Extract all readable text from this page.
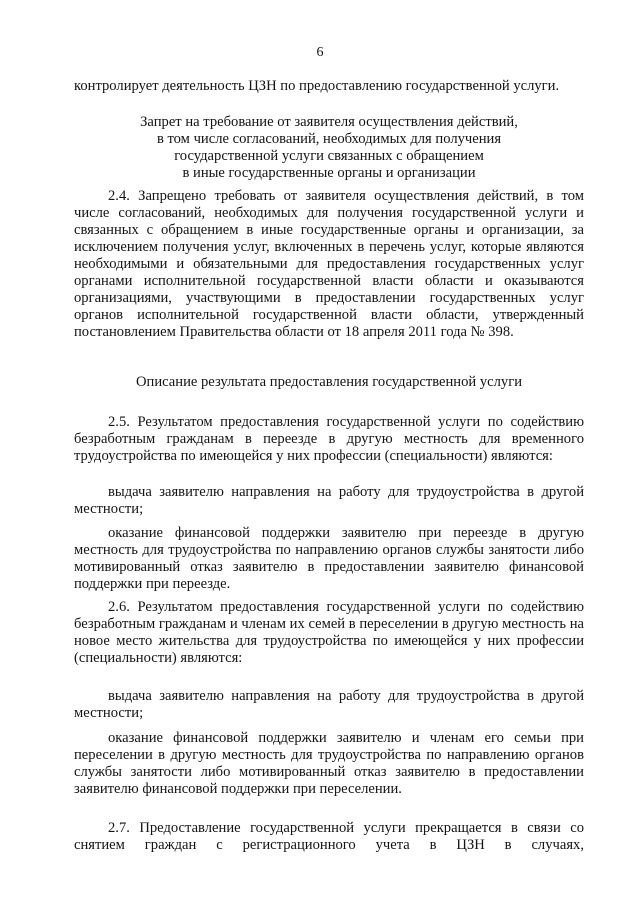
6

контролирует деятельность ЦЗН по предоставлению государственной услуги.

Запрет на требование от заявителя осуществления действий,
в том числе согласований, необходимых для получения
государственной услуги связанных с обращением
в иные государственные органы и организации

2.4. Запрещено требовать от заявителя осуществления действий, в том числе согласований, необходимых для получения государственной услуги и связанных с обращением в иные государственные органы и организации, за исключением получения услуг, включенных в перечень услуг, которые являются необходимыми и обязательными для предоставления государственных услуг органами исполнительной государственной власти области и оказываются организациями, участвующими в предоставлении государственных услуг органов исполнительной государственной власти области, утвержденный постановлением Правительства области от 18 апреля 2011 года № 398.

Описание результата предоставления государственной услуги

2.5. Результатом предоставления государственной услуги по содействию безработным гражданам в переезде в другую местность для временного трудоустройства по имеющейся у них профессии (специальности) являются:

выдача заявителю направления на работу для трудоустройства в другой местности;

оказание финансовой поддержки заявителю при переезде в другую местность для трудоустройства по направлению органов службы занятости либо мотивированный отказ заявителю в предоставлении заявителю финансовой поддержки при переезде.

2.6. Результатом предоставления государственной услуги по содействию безработным гражданам и членам их семей в переселении в другую местность на новое место жительства для трудоустройства по имеющейся у них профессии (специальности) являются:

выдача заявителю направления на работу для трудоустройства в другой местности;

оказание финансовой поддержки заявителю и членам его семьи при переселении в другую местность для трудоустройства по направлению органов службы занятости либо мотивированный отказ заявителю в предоставлении заявителю финансовой поддержки при переселении.

2.7. Предоставление государственной услуги прекращается в связи со снятием граждан с регистрационного учета в ЦЗН в случаях,
